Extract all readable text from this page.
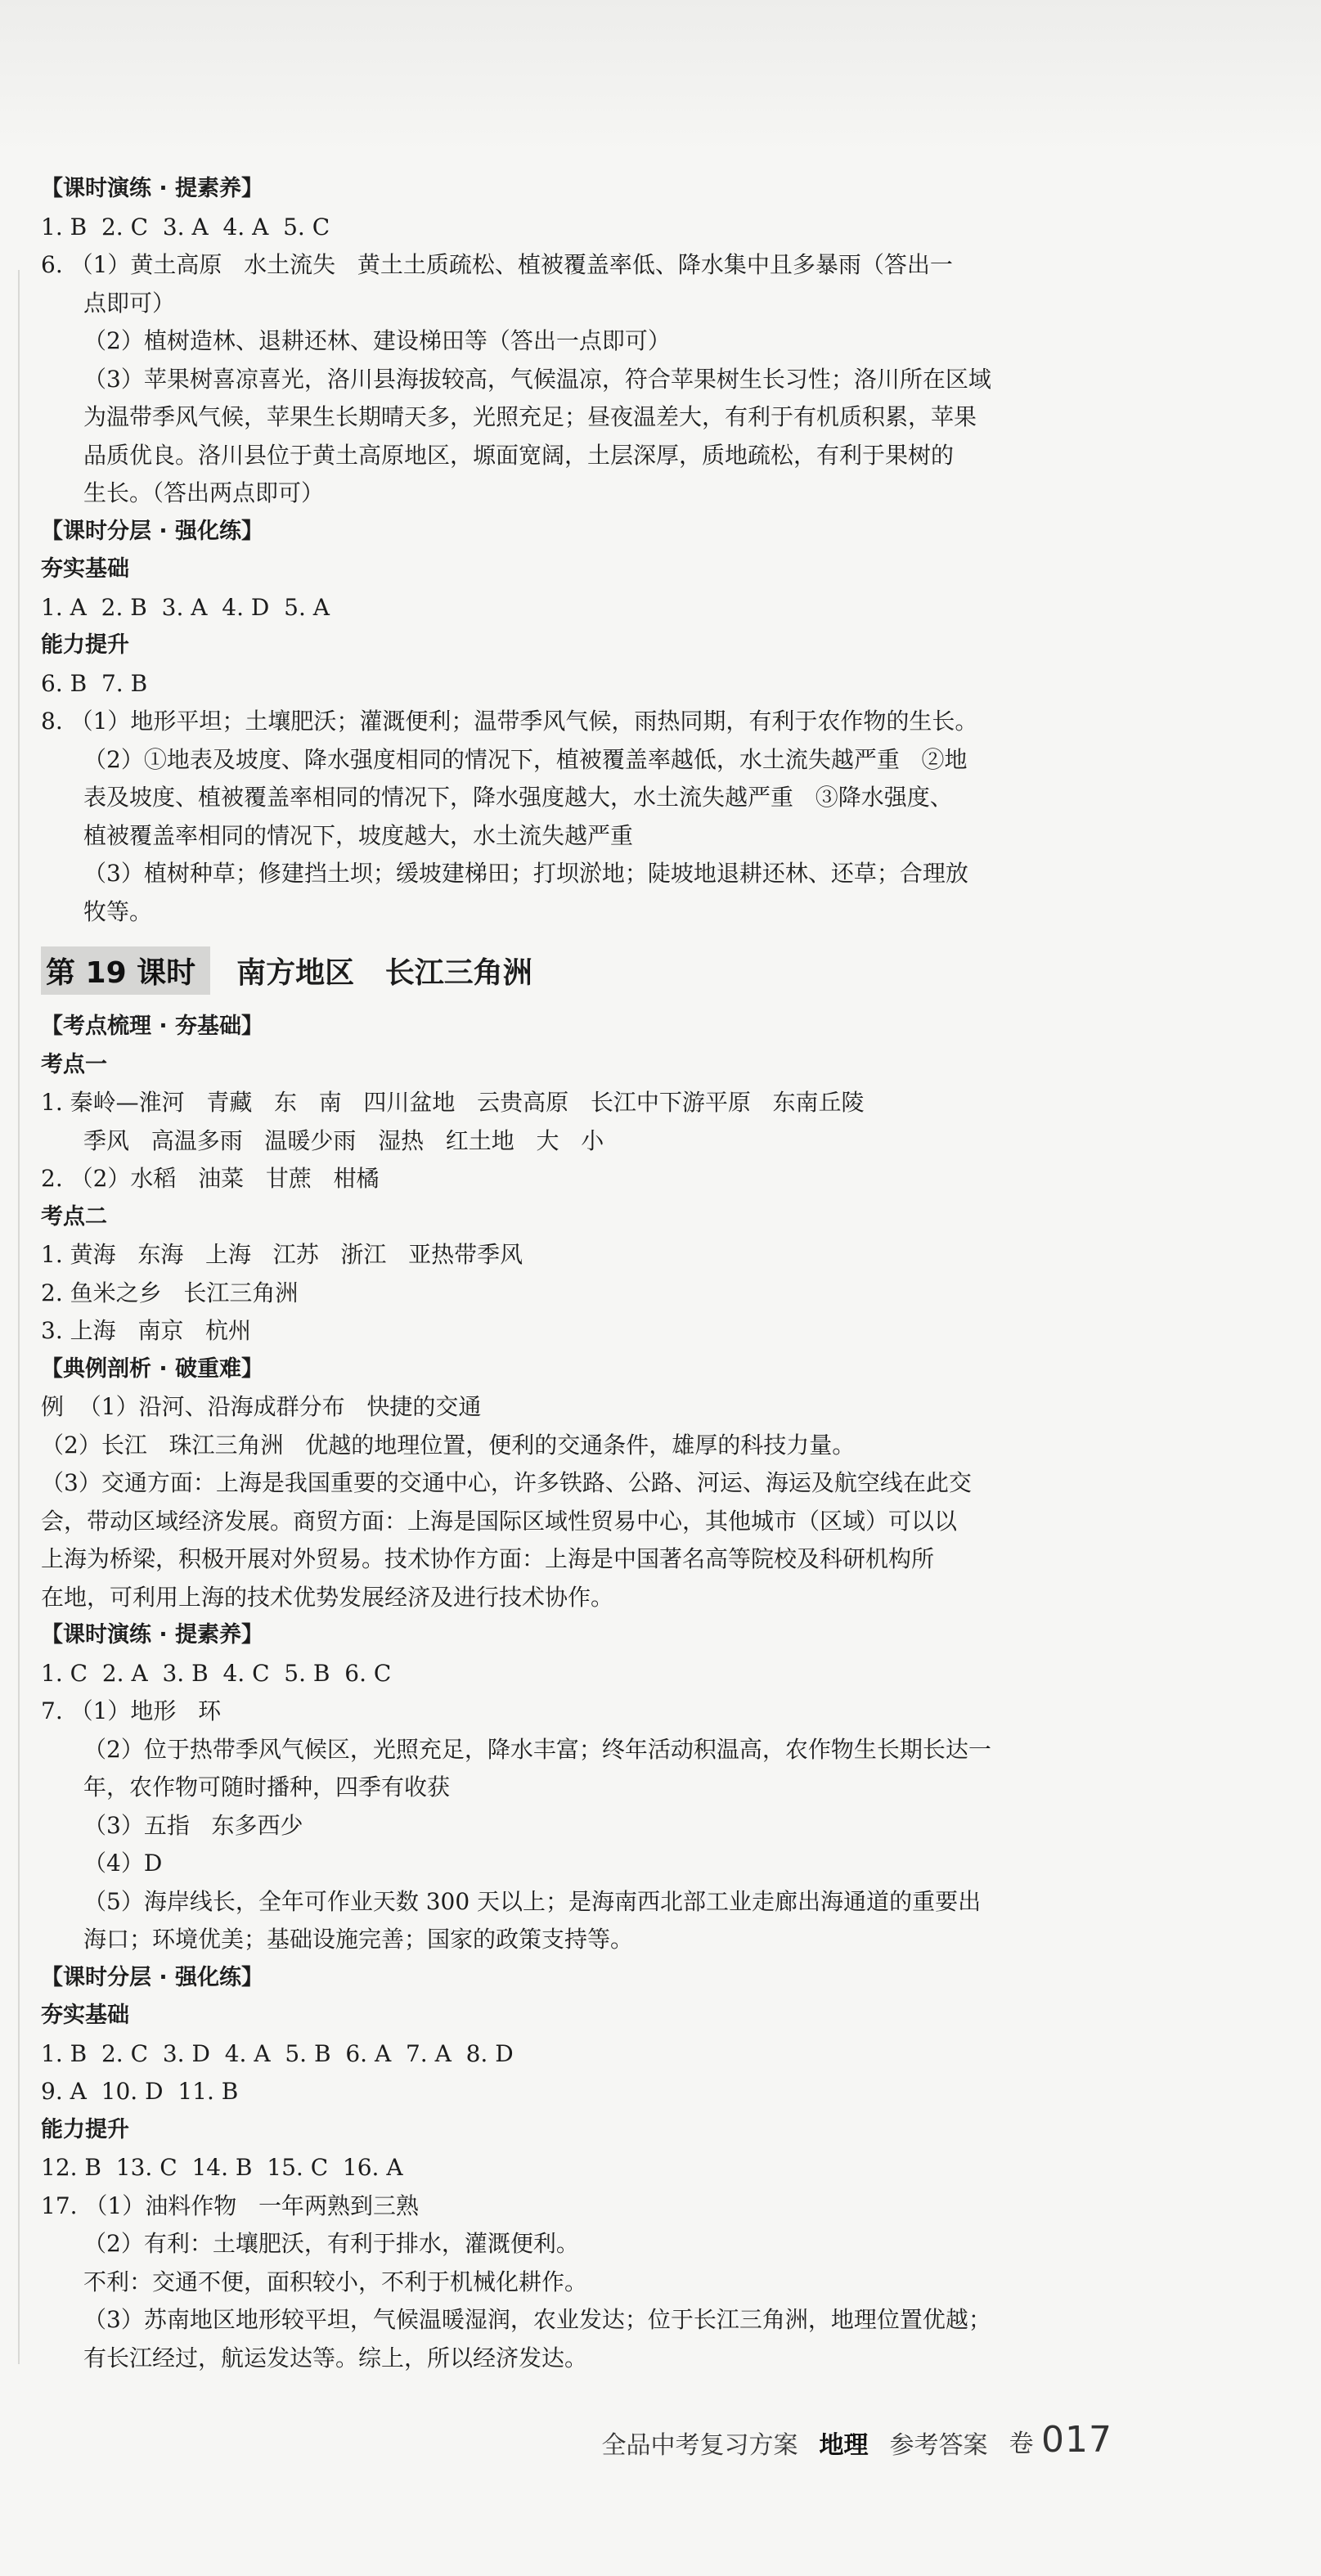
【课时演练 · 提素养】
1. B  2. C  3. A  4. A  5. C
6. （1）黄土高原   水土流失   黄土土质疏松、植被覆盖率低、降水集中且多暴雨（答出一
点即可）
（2）植树造林、退耕还林、建设梯田等（答出一点即可）
（3）苹果树喜凉喜光，洛川县海拔较高，气候温凉，符合苹果树生长习性；洛川所在区域
为温带季风气候，苹果生长期晴天多，光照充足；昼夜温差大，有利于有机质积累，苹果
品质优良。洛川县位于黄土高原地区，塬面宽阔，土层深厚，质地疏松，有利于果树的
生长。（答出两点即可）
【课时分层 · 强化练】
夯实基础
1. A  2. B  3. A  4. D  5. A
能力提升
6. B  7. B
8. （1）地形平坦；土壤肥沃；灌溉便利；温带季风气候，雨热同期，有利于农作物的生长。
（2）①地表及坡度、降水强度相同的情况下，植被覆盖率越低，水土流失越严重   ②地
表及坡度、植被覆盖率相同的情况下，降水强度越大，水土流失越严重   ③降水强度、
植被覆盖率相同的情况下，坡度越大，水土流失越严重
（3）植树种草；修建挡土坝；缓坡建梯田；打坝淤地；陡坡地退耕还林、还草；合理放
牧等。
第 19 课时	南方地区   长江三角洲
【考点梳理 · 夯基础】
考点一
1. 秦岭—淮河   青藏   东   南   四川盆地   云贵高原   长江中下游平原   东南丘陵
季风   高温多雨   温暖少雨   湿热   红土地   大   小
2. （2）水稻   油菜   甘蔗   柑橘
考点二
1. 黄海   东海   上海   江苏   浙江   亚热带季风
2. 鱼米之乡   长江三角洲
3. 上海   南京   杭州
【典例剖析 · 破重难】
例  （1）沿河、沿海成群分布   快捷的交通
（2）长江   珠江三角洲   优越的地理位置，便利的交通条件，雄厚的科技力量。
（3）交通方面：上海是我国重要的交通中心，许多铁路、公路、河运、海运及航空线在此交
会，带动区域经济发展。商贸方面：上海是国际区域性贸易中心，其他城市（区域）可以以
上海为桥梁，积极开展对外贸易。技术协作方面：上海是中国著名高等院校及科研机构所
在地，可利用上海的技术优势发展经济及进行技术协作。
【课时演练 · 提素养】
1. C  2. A  3. B  4. C  5. B  6. C
7. （1）地形   环
（2）位于热带季风气候区，光照充足，降水丰富；终年活动积温高，农作物生长期长达一
年，农作物可随时播种，四季有收获
（3）五指   东多西少
（4）D
（5）海岸线长，全年可作业天数 300 天以上；是海南西北部工业走廊出海通道的重要出
海口；环境优美；基础设施完善；国家的政策支持等。
【课时分层 · 强化练】
夯实基础
1. B  2. C  3. D  4. A  5. B  6. A  7. A  8. D
9. A  10. D  11. B
能力提升
12. B  13. C  14. B  15. C  16. A
17. （1）油料作物   一年两熟到三熟
（2）有利：土壤肥沃，有利于排水，灌溉便利。
不利：交通不便，面积较小，不利于机械化耕作。
（3）苏南地区地形较平坦，气候温暖湿润，农业发达；位于长江三角洲，地理位置优越；
有长江经过，航运发达等。综上，所以经济发达。
全品中考复习方案 地理 参考答案 卷 017
